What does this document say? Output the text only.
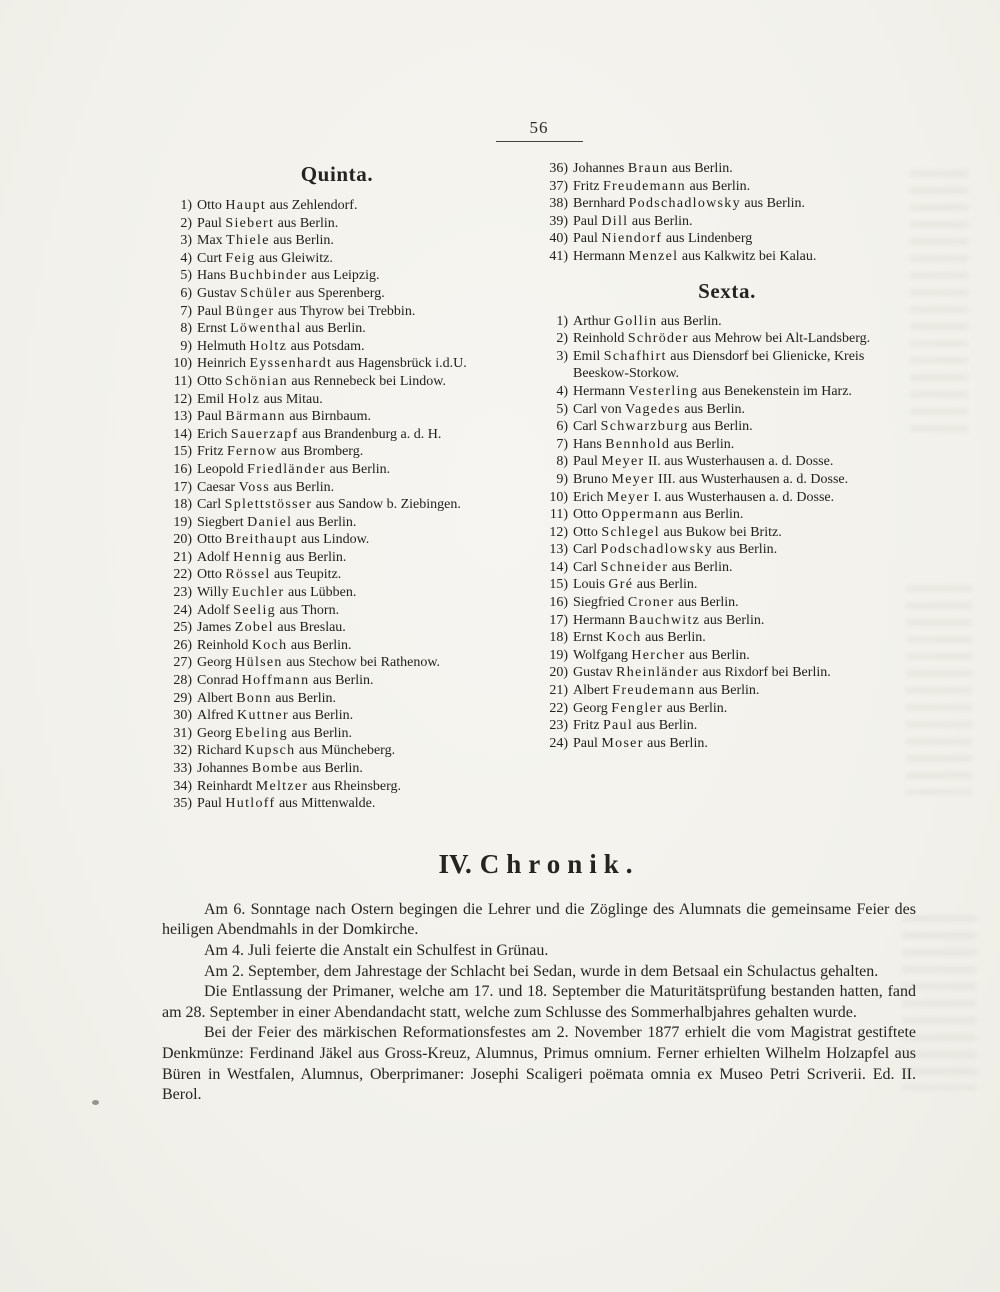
56
Quinta.
1) Otto Haupt aus Zehlendorf.
2) Paul Siebert aus Berlin.
3) Max Thiele aus Berlin.
4) Curt Feig aus Gleiwitz.
5) Hans Buchbinder aus Leipzig.
6) Gustav Schüler aus Sperenberg.
7) Paul Bünger aus Thyrow bei Trebbin.
8) Ernst Löwenthal aus Berlin.
9) Helmuth Holtz aus Potsdam.
10) Heinrich Eyssenhardt aus Hagensbrück i.d.U.
11) Otto Schönian aus Rennebeck bei Lindow.
12) Emil Holz aus Mitau.
13) Paul Bärmann aus Birnbaum.
14) Erich Sauerzapf aus Brandenburg a. d. H.
15) Fritz Fernow aus Bromberg.
16) Leopold Friedländer aus Berlin.
17) Caesar Voss aus Berlin.
18) Carl Splettstösser aus Sandow b. Ziebingen.
19) Siegbert Daniel aus Berlin.
20) Otto Breithaupt aus Lindow.
21) Adolf Hennig aus Berlin.
22) Otto Rössel aus Teupitz.
23) Willy Euchler aus Lübben.
24) Adolf Seelig aus Thorn.
25) James Zobel aus Breslau.
26) Reinhold Koch aus Berlin.
27) Georg Hülsen aus Stechow bei Rathenow.
28) Conrad Hoffmann aus Berlin.
29) Albert Bonn aus Berlin.
30) Alfred Kuttner aus Berlin.
31) Georg Ebeling aus Berlin.
32) Richard Kupsch aus Müncheberg.
33) Johannes Bombe aus Berlin.
34) Reinhardt Meltzer aus Rheinsberg.
35) Paul Hutloff aus Mittenwalde.
36) Johannes Braun aus Berlin.
37) Fritz Freudemann aus Berlin.
38) Bernhard Podschadlowsky aus Berlin.
39) Paul Dill aus Berlin.
40) Paul Niendorf aus Lindenberg
41) Hermann Menzel aus Kalkwitz bei Kalau.
Sexta.
1) Arthur Gollin aus Berlin.
2) Reinhold Schröder aus Mehrow bei Alt-Landsberg.
3) Emil Schafhirt aus Diensdorf bei Glienicke, Kreis Beeskow-Storkow.
4) Hermann Vesterling aus Benekenstein im Harz.
5) Carl von Vagedes aus Berlin.
6) Carl Schwarzburg aus Berlin.
7) Hans Bennhold aus Berlin.
8) Paul Meyer II. aus Wusterhausen a. d. Dosse.
9) Bruno Meyer III. aus Wusterhausen a. d. Dosse.
10) Erich Meyer I. aus Wusterhausen a. d. Dosse.
11) Otto Oppermann aus Berlin.
12) Otto Schlegel aus Bukow bei Britz.
13) Carl Podschadlowsky aus Berlin.
14) Carl Schneider aus Berlin.
15) Louis Gré aus Berlin.
16) Siegfried Croner aus Berlin.
17) Hermann Bauchwitz aus Berlin.
18) Ernst Koch aus Berlin.
19) Wolfgang Hercher aus Berlin.
20) Gustav Rheinländer aus Rixdorf bei Berlin.
21) Albert Freudemann aus Berlin.
22) Georg Fengler aus Berlin.
23) Fritz Paul aus Berlin.
24) Paul Moser aus Berlin.
IV. Chronik.

Am 6. Sonntage nach Ostern begingen die Lehrer und die Zöglinge des Alumnats die gemeinsame Feier des heiligen Abendmahls in der Domkirche.

Am 4. Juli feierte die Anstalt ein Schulfest in Grünau.

Am 2. September, dem Jahrestage der Schlacht bei Sedan, wurde in dem Betsaal ein Schulactus gehalten.

Die Entlassung der Primaner, welche am 17. und 18. September die Maturitätsprüfung bestanden hatten, fand am 28. September in einer Abendandacht statt, welche zum Schlusse des Sommerhalbjahres gehalten wurde.

Bei der Feier des märkischen Reformationsfestes am 2. November 1877 erhielt die vom Magistrat gestiftete Denkmünze: Ferdinand Jäkel aus Gross-Kreuz, Alumnus, Primus omnium. Ferner erhielten Wilhelm Holzapfel aus Büren in Westfalen, Alumnus, Oberprimaner: Josephi Scaligeri poëmata omnia ex Museo Petri Scriverii. Ed. II. Berol.
